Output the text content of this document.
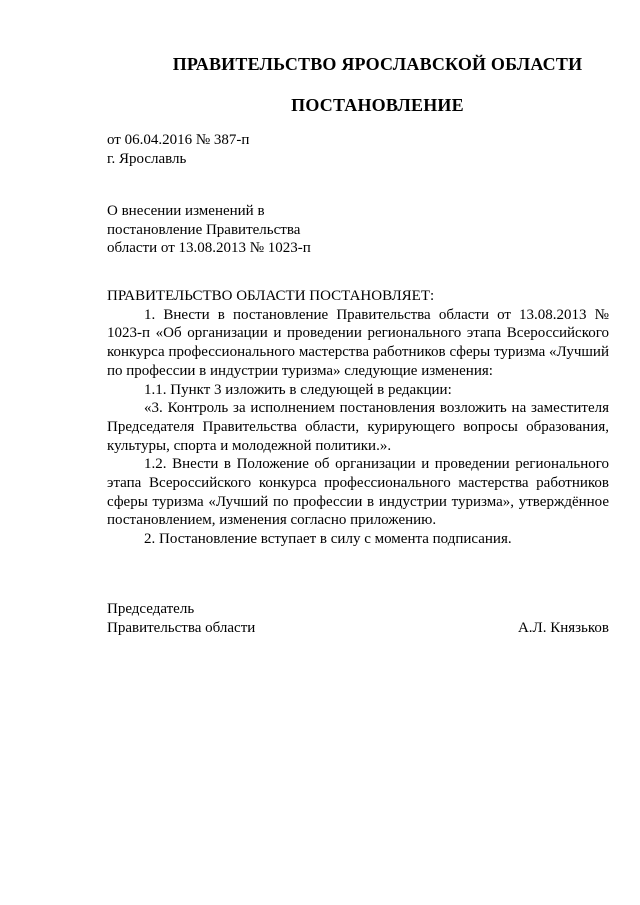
ПРАВИТЕЛЬСТВО ЯРОСЛАВСКОЙ ОБЛАСТИ
ПОСТАНОВЛЕНИЕ
от 06.04.2016 № 387-п
г. Ярославль
О внесении изменений в
постановление Правительства
области от 13.08.2013 № 1023-п

ПРАВИТЕЛЬСТВО ОБЛАСТИ ПОСТАНОВЛЯЕТ:

1. Внести в постановление Правительства области от 13.08.2013 № 1023-п «Об организации и проведении регионального этапа Всероссийского конкурса профессионального мастерства работников сферы туризма «Лучший по профессии в индустрии туризма» следующие изменения:

1.1. Пункт 3 изложить в следующей в редакции:

«3. Контроль за исполнением постановления возложить на заместителя Председателя Правительства области, курирующего вопросы образования, культуры, спорта и молодежной политики.».

1.2. Внести в Положение об организации и проведении регионального этапа Всероссийского конкурса профессионального мастерства работников сферы туризма «Лучший по профессии в индустрии туризма», утверждённое постановлением, изменения согласно приложению.

2. Постановление вступает в силу с момента подписания.

Председатель
Правительства области	А.Л. Князьков
